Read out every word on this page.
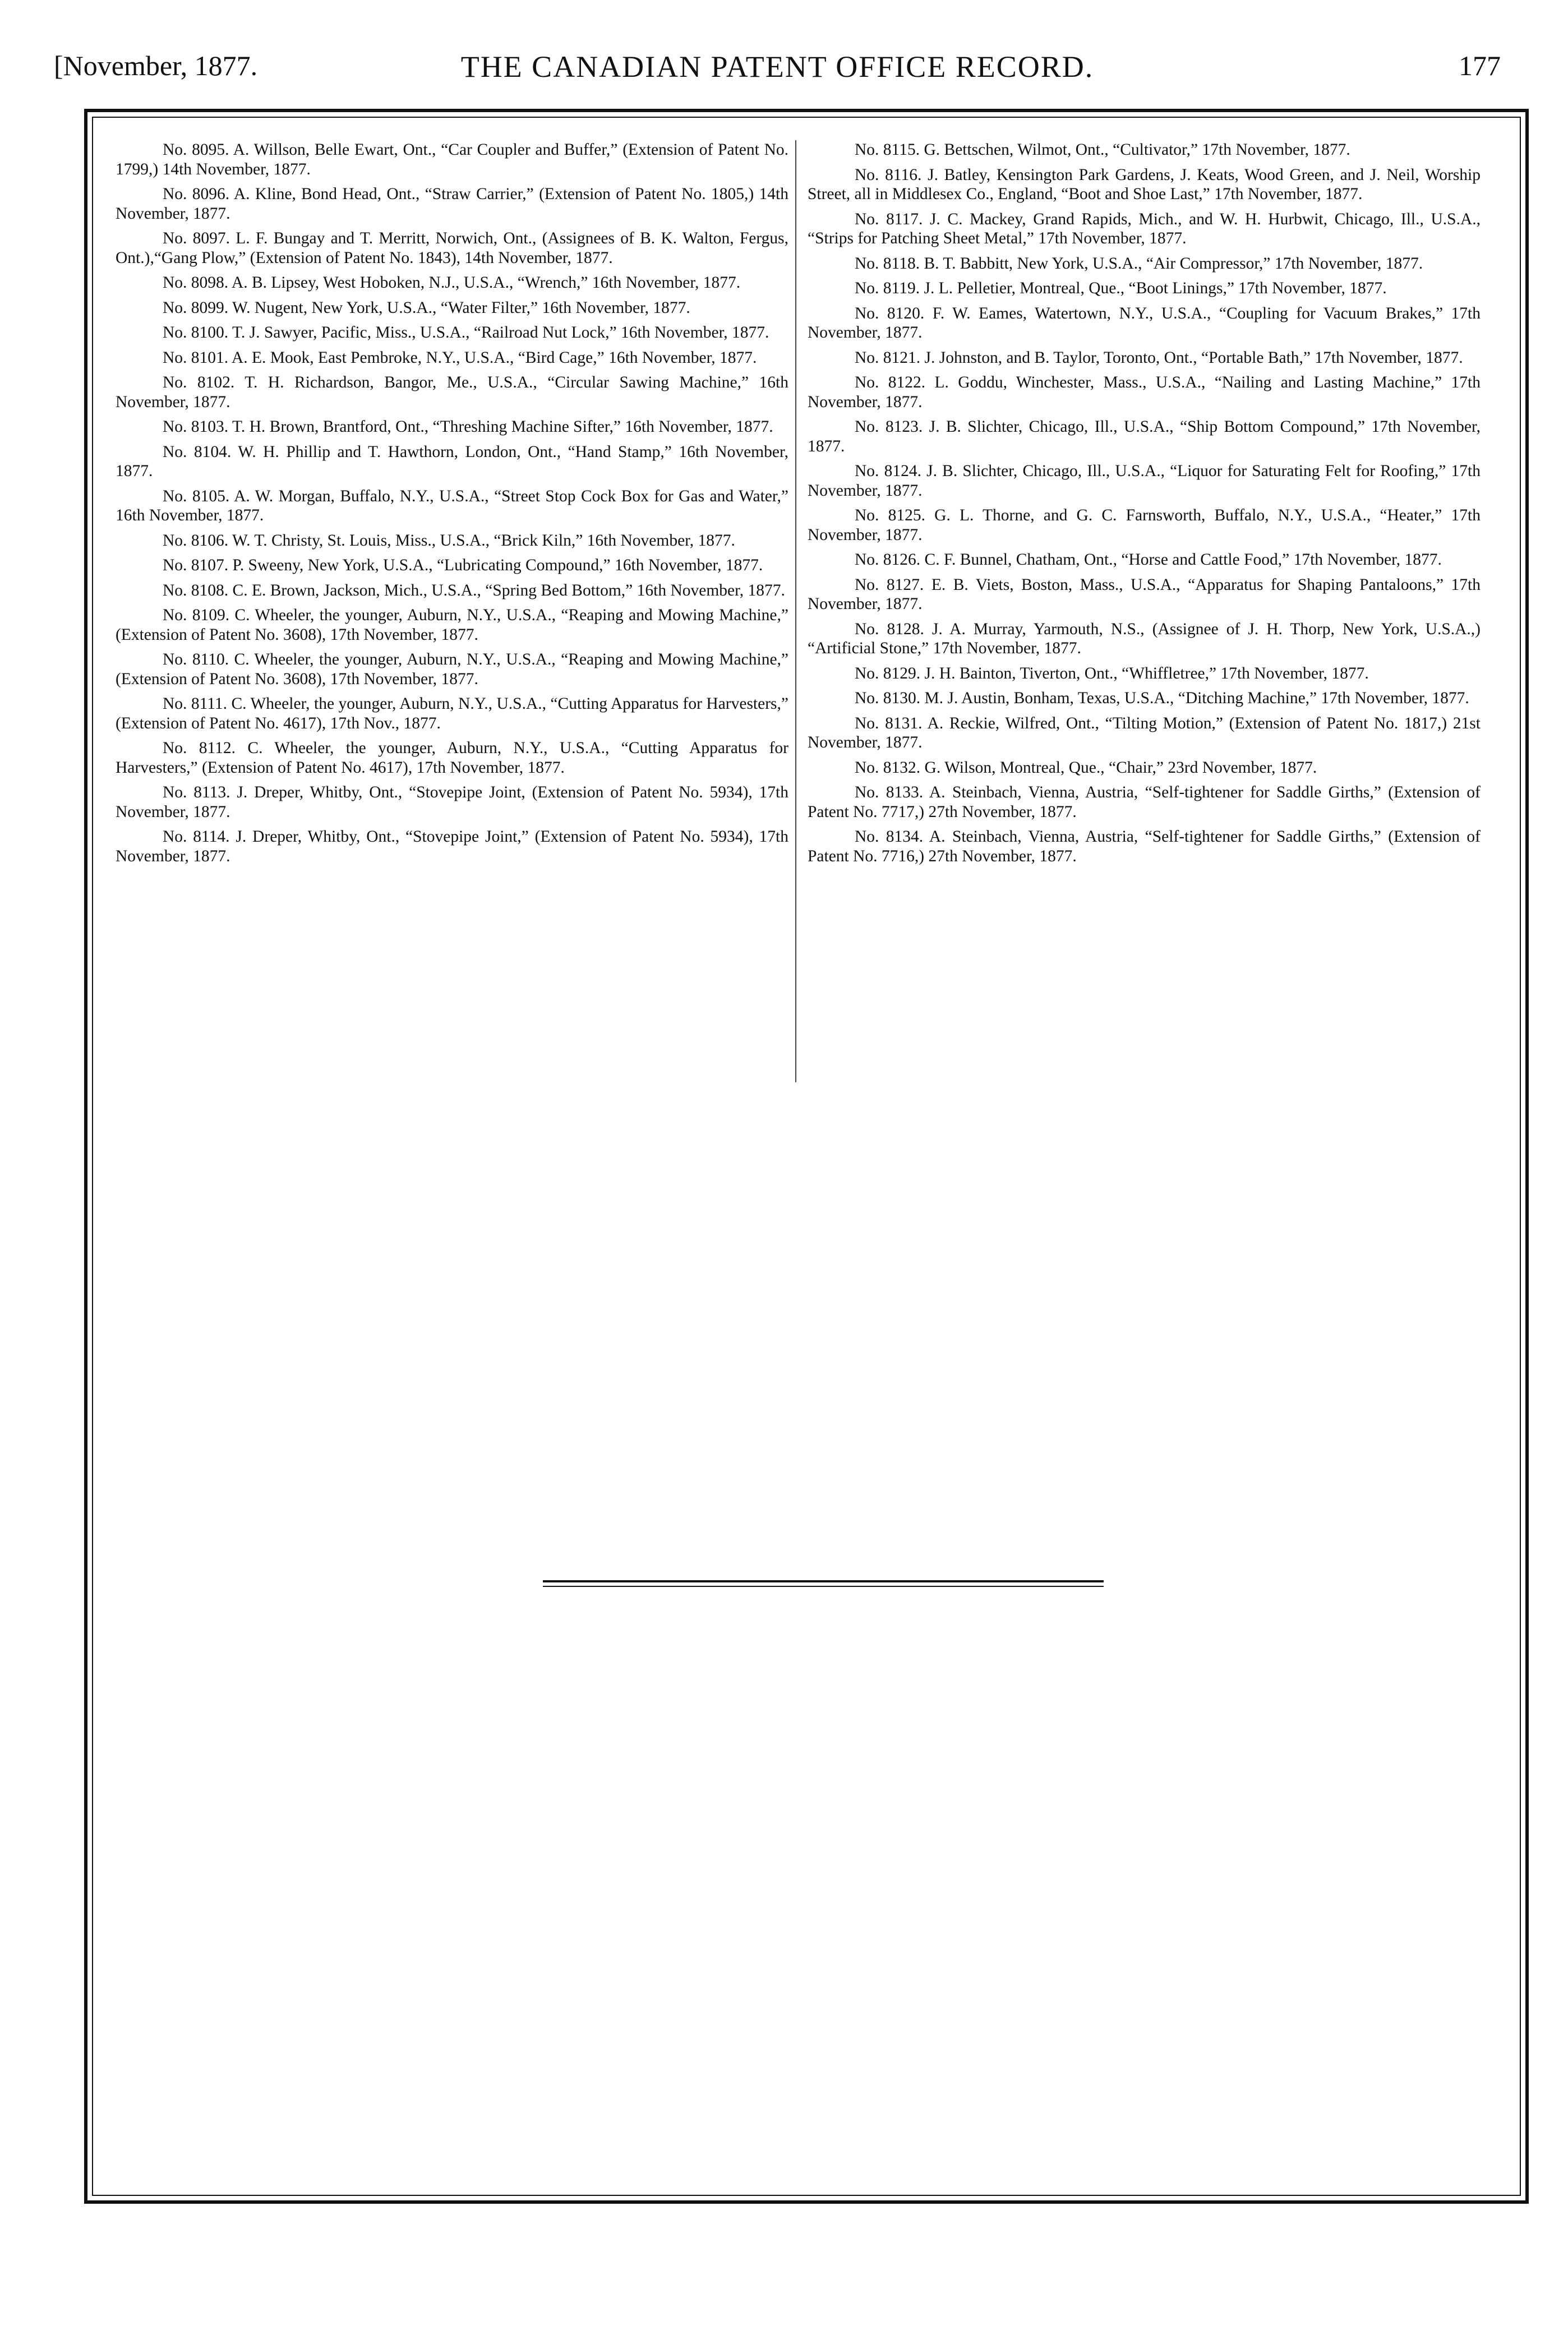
[November, 1877.	THE CANADIAN PATENT OFFICE RECORD.	177

No. 8095. A. Willson, Belle Ewart, Ont., “Car Coupler and Buffer,” (Extension of Patent No. 1799,) 14th November, 1877.

No. 8096. A. Kline, Bond Head, Ont., “Straw Carrier,” (Extension of Patent No. 1805,) 14th November, 1877.

No. 8097. L. F. Bungay and T. Merritt, Norwich, Ont., (Assignees of B. K. Walton, Fergus, Ont.),“Gang Plow,” (Extension of Patent No. 1843), 14th November, 1877.

No. 8098. A. B. Lipsey, West Hoboken, N.J., U.S.A., “Wrench,” 16th November, 1877.

No. 8099. W. Nugent, New York, U.S.A., “Water Filter,” 16th November, 1877.

No. 8100. T. J. Sawyer, Pacific, Miss., U.S.A., “Railroad Nut Lock,” 16th November, 1877.

No. 8101. A. E. Mook, East Pembroke, N.Y., U.S.A., “Bird Cage,” 16th November, 1877.

No. 8102. T. H. Richardson, Bangor, Me., U.S.A., “Circular Sawing Machine,” 16th November, 1877.

No. 8103. T. H. Brown, Brantford, Ont., “Threshing Machine Sifter,” 16th November, 1877.

No. 8104. W. H. Phillip and T. Hawthorn, London, Ont., “Hand Stamp,” 16th November, 1877.

No. 8105. A. W. Morgan, Buffalo, N.Y., U.S.A., “Street Stop Cock Box for Gas and Water,” 16th November, 1877.

No. 8106. W. T. Christy, St. Louis, Miss., U.S.A., “Brick Kiln,” 16th November, 1877.

No. 8107. P. Sweeny, New York, U.S.A., “Lubricating Compound,” 16th November, 1877.

No. 8108. C. E. Brown, Jackson, Mich., U.S.A., “Spring Bed Bottom,” 16th November, 1877.

No. 8109. C. Wheeler, the younger, Auburn, N.Y., U.S.A., “Reaping and Mowing Machine,” (Extension of Patent No. 3608), 17th November, 1877.

No. 8110. C. Wheeler, the younger, Auburn, N.Y., U.S.A., “Reaping and Mowing Machine,” (Extension of Patent No. 3608), 17th November, 1877.

No. 8111. C. Wheeler, the younger, Auburn, N.Y., U.S.A., “Cutting Apparatus for Harvesters,” (Extension of Patent No. 4617), 17th Nov., 1877.

No. 8112. C. Wheeler, the younger, Auburn, N.Y., U.S.A., “Cutting Apparatus for Harvesters,” (Extension of Patent No. 4617), 17th November, 1877.

No. 8113. J. Dreper, Whitby, Ont., “Stovepipe Joint, (Extension of Patent No. 5934), 17th November, 1877.

No. 8114. J. Dreper, Whitby, Ont., “Stovepipe Joint,” (Extension of Patent No. 5934), 17th November, 1877.

No. 8115. G. Bettschen, Wilmot, Ont., “Cultivator,” 17th November, 1877.

No. 8116. J. Batley, Kensington Park Gardens, J. Keats, Wood Green, and J. Neil, Worship Street, all in Middlesex Co., England, “Boot and Shoe Last,” 17th November, 1877.

No. 8117. J. C. Mackey, Grand Rapids, Mich., and W. H. Hurbwit, Chicago, Ill., U.S.A., “Strips for Patching Sheet Metal,” 17th November, 1877.

No. 8118. B. T. Babbitt, New York, U.S.A., “Air Compressor,” 17th November, 1877.

No. 8119. J. L. Pelletier, Montreal, Que., “Boot Linings,” 17th November, 1877.

No. 8120. F. W. Eames, Watertown, N.Y., U.S.A., “Coupling for Vacuum Brakes,” 17th November, 1877.

No. 8121. J. Johnston, and B. Taylor, Toronto, Ont., “Portable Bath,” 17th November, 1877.

No. 8122. L. Goddu, Winchester, Mass., U.S.A., “Nailing and Lasting Machine,” 17th November, 1877.

No. 8123. J. B. Slichter, Chicago, Ill., U.S.A., “Ship Bottom Compound,” 17th November, 1877.

No. 8124. J. B. Slichter, Chicago, Ill., U.S.A., “Liquor for Saturating Felt for Roofing,” 17th November, 1877.

No. 8125. G. L. Thorne, and G. C. Farnsworth, Buffalo, N.Y., U.S.A., “Heater,” 17th November, 1877.

No. 8126. C. F. Bunnel, Chatham, Ont., “Horse and Cattle Food,” 17th November, 1877.

No. 8127. E. B. Viets, Boston, Mass., U.S.A., “Apparatus for Shaping Pantaloons,” 17th November, 1877.

No. 8128. J. A. Murray, Yarmouth, N.S., (Assignee of J. H. Thorp, New York, U.S.A.,) “Artificial Stone,” 17th November, 1877.

No. 8129. J. H. Bainton, Tiverton, Ont., “Whiffletree,” 17th November, 1877.

No. 8130. M. J. Austin, Bonham, Texas, U.S.A., “Ditching Machine,” 17th November, 1877.

No. 8131. A. Reckie, Wilfred, Ont., “Tilting Motion,” (Extension of Patent No. 1817,) 21st November, 1877.

No. 8132. G. Wilson, Montreal, Que., “Chair,” 23rd November, 1877.

No. 8133. A. Steinbach, Vienna, Austria, “Self-tightener for Saddle Girths,” (Extension of Patent No. 7717,) 27th November, 1877.

No. 8134. A. Steinbach, Vienna, Austria, “Self-tightener for Saddle Girths,” (Extension of Patent No. 7716,) 27th November, 1877.
